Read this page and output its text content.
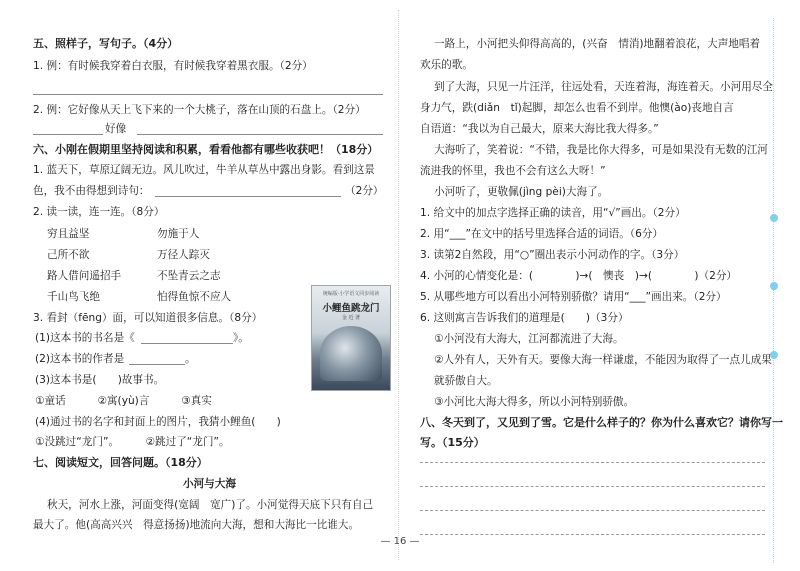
五、照样子，写句子。（4分）
1. 例：有时候我穿着白衣服，有时候我穿着黑衣服。（2分）
2. 例：它好像从天上飞下来的一个大桃子，落在山顶的石盘上。（2分）
好像
六、小刚在假期里坚持阅读和积累，看看他都有哪些收获吧！（18分）
1. 蓝天下，草原辽阔无边。风儿吹过，牛羊从草丛中露出身影。看到这景
色，我不由得想到诗句：	（2分）
2. 读一读，连一连。（8分）
穷且益坚	勿施于人
己所不欲	万径人踪灭
路人借问遥招手	不坠青云之志
千山鸟飞绝	怕得鱼惊不应人
3. 看封（fēng）面，可以知道很多信息。（8分）
(1)这本书的书名是《	》。
(2)这本书的作者是	。
(3)这本书是(　　)故事书。
①童话　　　②寓(yù)言　　　③真实
(4)通过书的名字和封面上的图片，我猜小鲤鱼(　　)
①没跳过“龙门”。　　　②跳过了“龙门”。
七、阅读短文，回答问题。（18分）
小河与大海
秋天，河水上涨，河面变得(宽阔　宽广)了。小河觉得天底下只有自己
最大了。他(高高兴兴　得意扬扬)地流向大海，想和大海比一比谁大。
统编版·小学语文同步阅读
小鲤鱼跳龙门
金 近 著
一路上，小河把头仰得高高的，(兴奋　情消)地翻着浪花，大声地唱着
欢乐的歌。
到了大海，只见一片汪洋，往远处看，天连着海，海连着天。小河用尽全
身力气，跌(diǎn　tǐ)起脚，却怎么也看不到岸。他懊(ào)丧地自言
自语道：“我以为自己最大，原来大海比我大得多。”
大海听了，笑着说：“不错，我是比你大得多，可是如果没有无数的江河
流进我的怀里，我也不会有这么大呀！”
小河听了，更敬佩(jìng pèi)大海了。
1. 给文中的加点字选择正确的读音，用“√”画出。（2分）
2. 用“___”在文中的括号里选择合适的词语。（6分）
3. 读第2自然段，用“○”圈出表示小河动作的字。（3分）
4. 小河的心情变化是：(　　　　)→(　懊丧　)→(　　　　)（2分）
5. 从哪些地方可以看出小河特别骄傲？请用“___”画出来。（2分）
6. 这则寓言告诉我们的道理是(　　)（3分）
①小河没有大海大，江河都流进了大海。
②人外有人，天外有天。要像大海一样谦虚，不能因为取得了一点儿成果
就骄傲自大。
③小河比大海大得多，所以小河特别骄傲。
八、冬天到了，又见到了雪。它是什么样子的？你为什么喜欢它？请你写一
写。（15分）
— 16 —
